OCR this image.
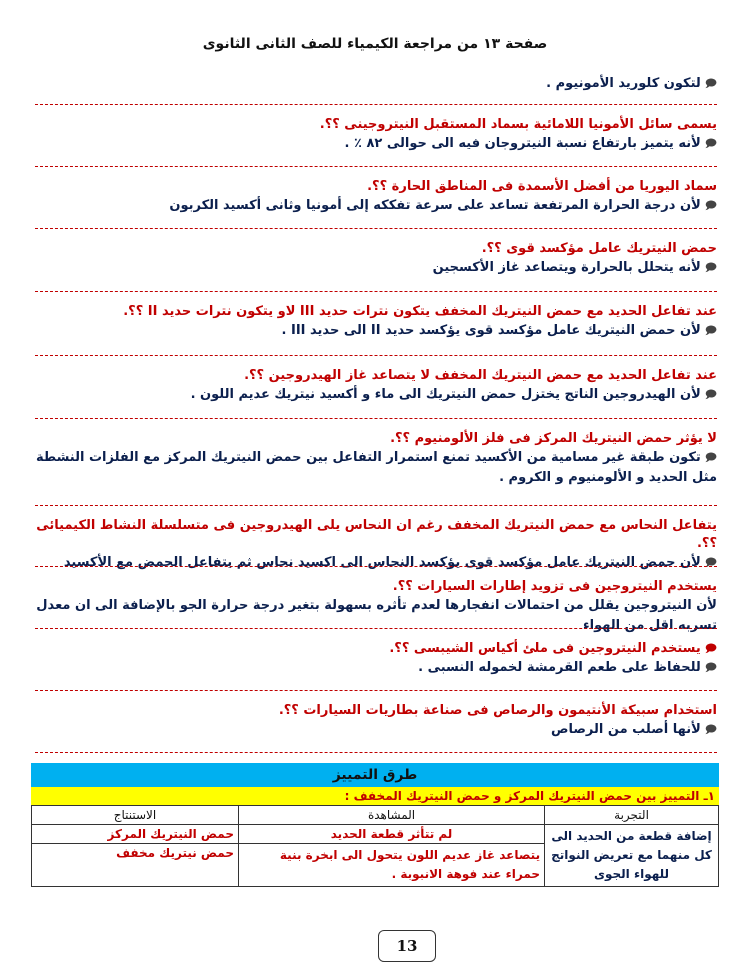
صفحة ١٣ من مراجعة الكيمياء للصف الثانى الثانوى
🗩لتكون كلوريد الأمونيوم .
يسمى سائل الأمونيا اللامائية بسماد المستقبل النيتروجينى ؟؟.
🗩لأنه يتميز بارتفاع نسبة النيتروجان فيه الى حوالى ٨٢ ٪ .
سماد اليوريا من أفضل الأسمدة فى المناطق الحارة ؟؟.
🗩لأن درجة الحرارة المرتفعة تساعد على سرعة تفككه إلى أمونيا وثانى أكسيد الكربون
حمض النيتريك عامل مؤكسد قوى ؟؟.
🗩لأنه يتحلل بالحرارة ويتصاعد غاز الأكسجين
عند تفاعل الحديد مع حمض النيتريك المخفف يتكون نترات حديد III لاو يتكون نترات حديد II ؟؟.
🗩لأن حمض النيتريك عامل مؤكسد قوى يؤكسد حديد II الى حديد III .
عند تفاعل الحديد مع حمض النيتريك المخفف لا يتصاعد غاز الهيدروجين ؟؟.
🗩لأن الهيدروجين الناتج يختزل حمض النيتريك الى ماء و أكسيد نيتريك عديم اللون .
لا يؤثر حمض النيتريك المركز فى فلز الألومنيوم ؟؟.
🗩تكون طبقة غير مسامية من الأكسيد تمنع استمرار التفاعل بين حمض النيتريك المركز مع الفلزات النشطة مثل الحديد و الألومنيوم و الكروم .
يتفاعل النحاس مع حمض النيتريك المخفف رغم ان النحاس يلى الهيدروجين فى متسلسلة النشاط الكيميائى ؟؟.
🗩لأن حمض النيتريك عامل مؤكسد قوى يؤكسد النحاس الى اكسيد نحاس ثم يتفاعل الحمض مع الأكسيد
يستخدم النيتروجين فى تزويد إطارات السيارات ؟؟.
لأن النيتروجين يقلل من احتمالات انفجارها لعدم تأثره بسهولة بتغير درجة حرارة الجو بالإضافة الى ان معدل تسربه اقل من الهواء
🗩يستخدم النيتروجين فى ملئ أكياس الشيبسى ؟؟.
🗩للحفاظ على طعم القرمشة لخموله النسبى .
استخدام سبيكة الأنتيمون والرصاص فى صناعة بطاريات السيارات ؟؟.
🗩لأنها أصلب من الرصاص
طرق التمييز
١ـ التمييز بين حمض النيتريك المركز و حمض النيتريك المخفف :
التجربة	المشاهدة	الاستنتاج
إضافة قطعة من الحديد الى كل منهما مع تعريض النواتج للهواء الجوى	لم تتأثر قطعة الحديد	حمض النيتريك المركز
	يتصاعد غاز عديم اللون يتحول الى ابخرة بنية حمراء عند فوهة الانبوبة .	حمض نيتريك مخفف
13
